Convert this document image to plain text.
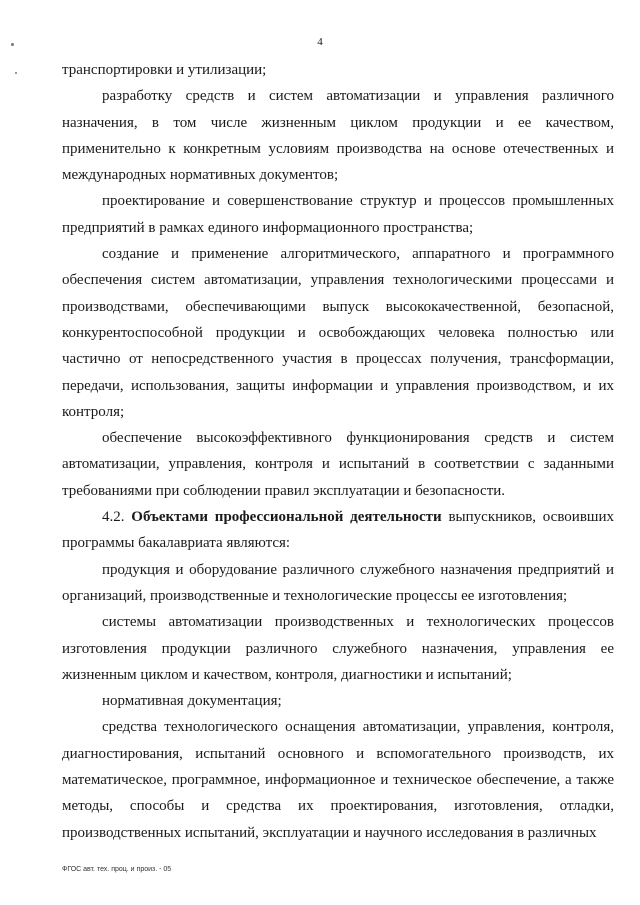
4

транспортировки и утилизации;

разработку средств и систем автоматизации и управления различного назначения, в том числе жизненным циклом продукции и ее качеством, применительно к конкретным условиям производства на основе отечественных и международных нормативных документов;

проектирование и совершенствование структур и процессов промышленных предприятий в рамках единого информационного пространства;

создание и применение алгоритмического, аппаратного и программного обеспечения систем автоматизации, управления технологическими процессами и производствами, обеспечивающими выпуск высококачественной, безопасной, конкурентоспособной продукции и освобождающих человека полностью или частично от непосредственного участия в процессах получения, трансформации, передачи, использования, защиты информации и управления производством, и их контроля;

обеспечение высокоэффективного функционирования средств и систем автоматизации, управления, контроля и испытаний в соответствии с заданными требованиями при соблюдении правил эксплуатации и безопасности.

4.2. Объектами профессиональной деятельности выпускников, освоивших программы бакалавриата являются:

продукция и оборудование различного служебного назначения предприятий и организаций, производственные и технологические процессы ее изготовления;

системы автоматизации производственных и технологических процессов изготовления продукции различного служебного назначения, управления ее жизненным циклом и качеством, контроля, диагностики и испытаний;

нормативная документация;

средства технологического оснащения автоматизации, управления, контроля, диагностирования, испытаний основного и вспомогательного производств, их математическое, программное, информационное и техническое обеспечение, а также методы, способы и средства их проектирования, изготовления, отладки, производственных испытаний, эксплуатации и научного исследования в различных

ФГОС авт. тех. проц. и произ. - 05
